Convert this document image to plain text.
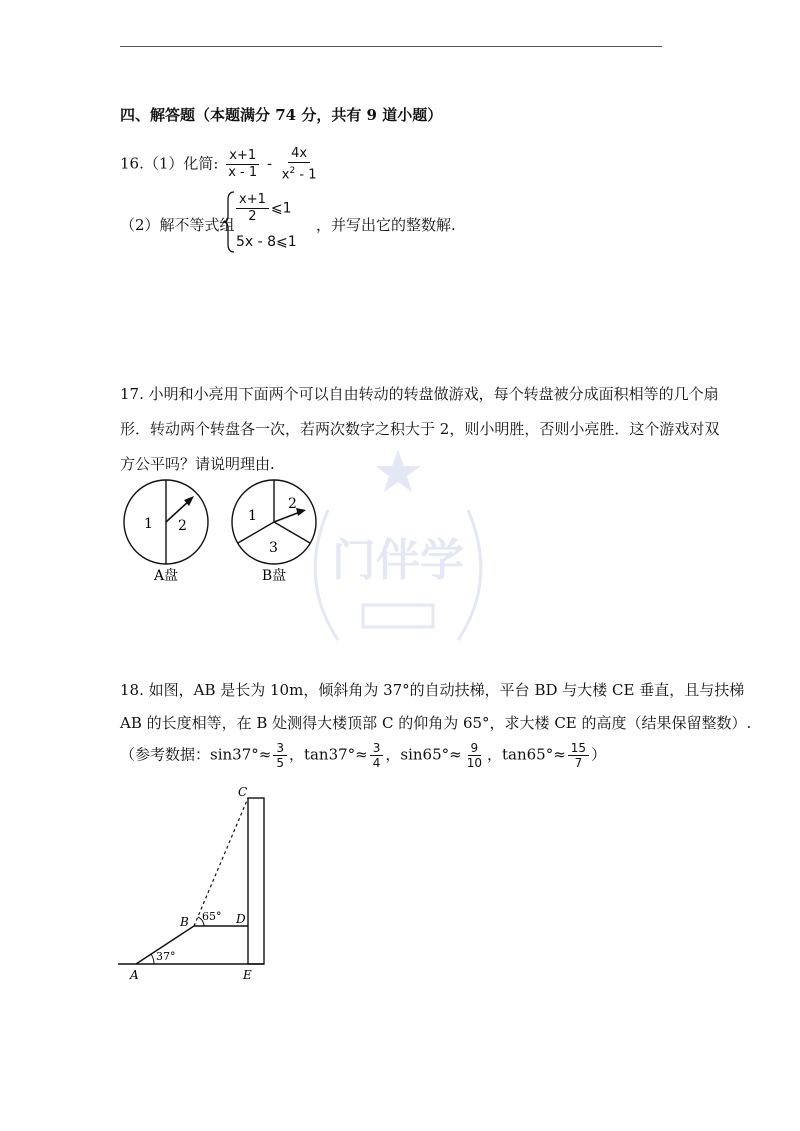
门伴学
四、解答题（本题满分 74 分，共有 9 道小题）
16.（1）化简: $\frac{x+1}{x - 1} - \frac{4x}{x^2 - 1}$
（2）解不等式组 $\frac{x+1}{2}$ ⩽1
5x - 8⩽1
，并写出它的整数解.
17. 小明和小亮用下面两个可以自由转动的转盘做游戏，每个转盘被分成面积相等的几个扇
形．转动两个转盘各一次，若两次数字之积大于 2，则小明胜，否则小亮胜．这个游戏对双
方公平吗？请说明理由.
1 2
A盘
1
2
3
B盘
18. 如图，AB 是长为 10m，倾斜角为 37°的自动扶梯，平台 BD 与大楼 CE 垂直，且与扶梯
AB 的长度相等，在 B 处测得大楼顶部 C 的仰角为 65°，求大楼 CE 的高度（结果保留整数）.
（参考数据：$\sin 37^\circ\approx \frac{3}{5}$ ，$\tan 37^\circ\approx \frac{3}{4}$ ，$\sin 65^\circ\approx \frac{9}{10}$ ，$\tan 65^\circ\approx \frac{15}{7}$ ）
C
B	D
A	E
65°
37°
